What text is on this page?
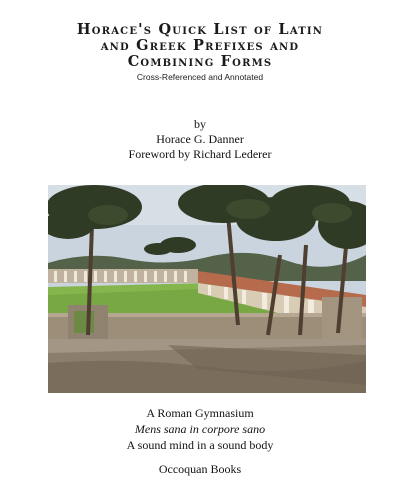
Horace's Quick List of Latin
and Greek Prefixes and
Combining Forms
Cross-Referenced and Annotated
by
Horace G. Danner
Foreword by Richard Lederer
A Roman Gymnasium
Mens sana in corpore sano
A sound mind in a sound body
Occoquan Books
